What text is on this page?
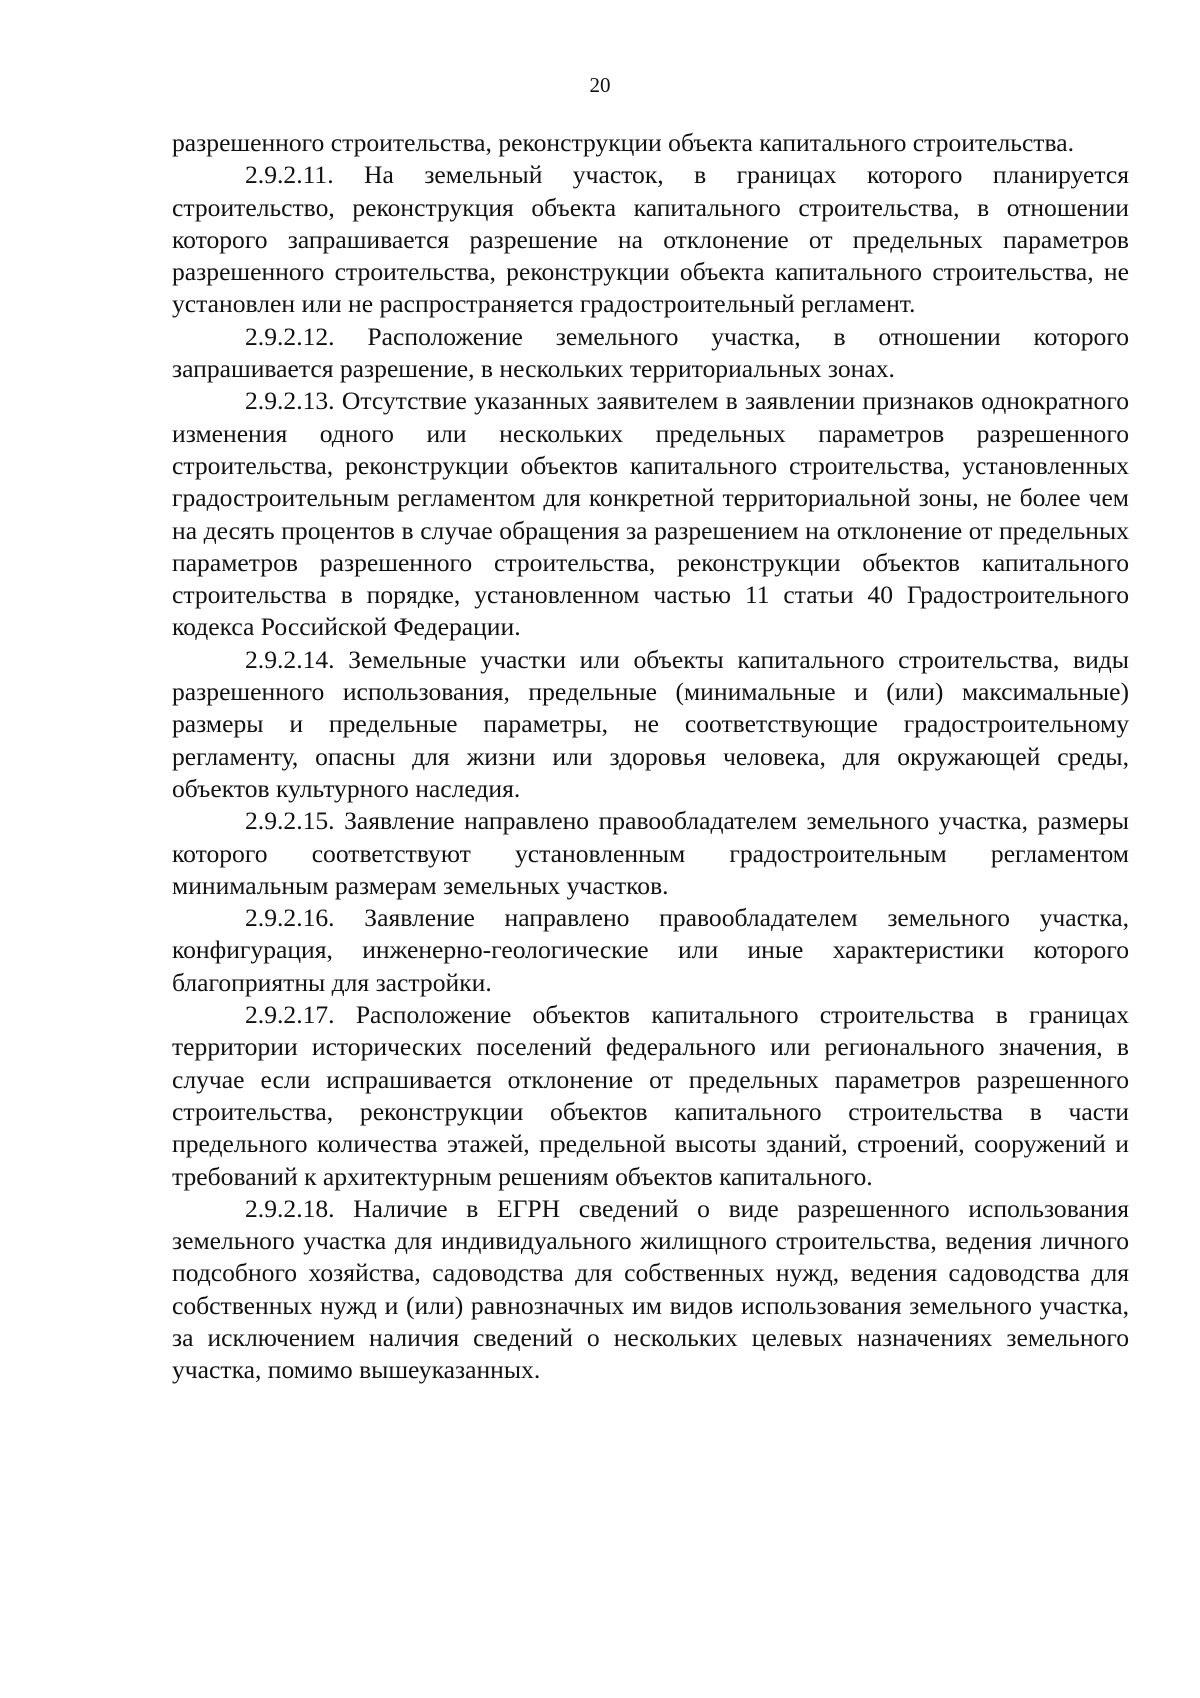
20

разрешенного строительства, реконструкции объекта капитального строительства.

2.9.2.11. На земельный участок, в границах которого планируется строительство, реконструкция объекта капитального строительства, в отношении которого запрашивается разрешение на отклонение от предельных параметров разрешенного строительства, реконструкции объекта капитального строительства, не установлен или не распространяется градостроительный регламент.

2.9.2.12. Расположение земельного участка, в отношении которого запрашивается разрешение, в нескольких территориальных зонах.

2.9.2.13. Отсутствие указанных заявителем в заявлении признаков однократного изменения одного или нескольких предельных параметров разрешенного строительства, реконструкции объектов капитального строительства, установленных градостроительным регламентом для конкретной территориальной зоны, не более чем на десять процентов в случае обращения за разрешением на отклонение от предельных параметров разрешенного строительства, реконструкции объектов капитального строительства в порядке, установленном частью 11 статьи 40 Градостроительного кодекса Российской Федерации.

2.9.2.14. Земельные участки или объекты капитального строительства, виды разрешенного использования, предельные (минимальные и (или) максимальные) размеры и предельные параметры, не соответствующие градостроительному регламенту, опасны для жизни или здоровья человека, для окружающей среды, объектов культурного наследия.

2.9.2.15. Заявление направлено правообладателем земельного участка, размеры которого соответствуют установленным градостроительным регламентом минимальным размерам земельных участков.

2.9.2.16. Заявление направлено правообладателем земельного участка, конфигурация, инженерно-геологические или иные характеристики которого благоприятны для застройки.

2.9.2.17. Расположение объектов капитального строительства в границах территории исторических поселений федерального или регионального значения, в случае если испрашивается отклонение от предельных параметров разрешенного строительства, реконструкции объектов капитального строительства в части предельного количества этажей, предельной высоты зданий, строений, сооружений и требований к архитектурным решениям объектов капитального.

2.9.2.18. Наличие в ЕГРН сведений о виде разрешенного использования земельного участка для индивидуального жилищного строительства, ведения личного подсобного хозяйства, садоводства для собственных нужд, ведения садоводства для собственных нужд и (или) равнозначных им видов использования земельного участка, за исключением наличия сведений о нескольких целевых назначениях земельного участка, помимо вышеуказанных.
